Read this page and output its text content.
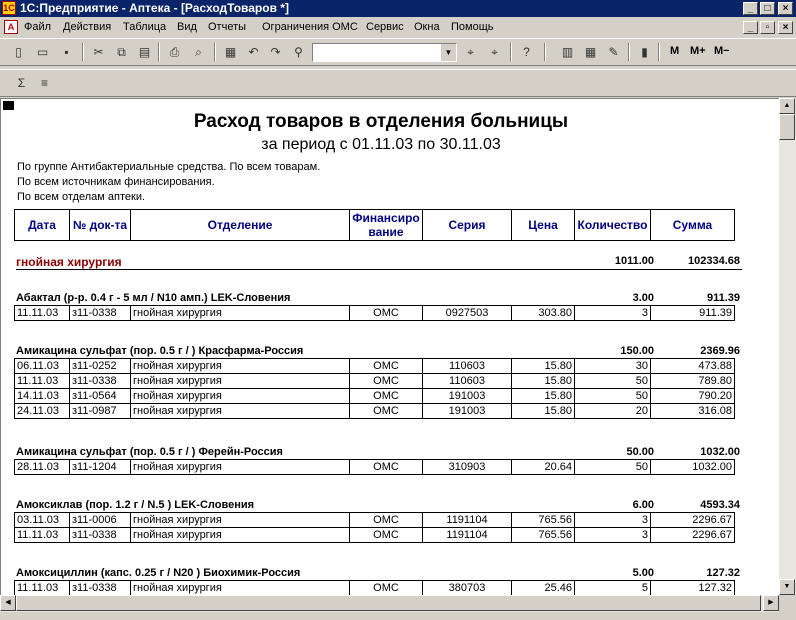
1С 1С:Предприятие - Аптека - [РасходТоваров *]	_	□	×
A Файл Действия Таблица Вид Отчеты Ограничения ОМС Сервис Окна Помощь	_	▫	×
▯	▭	▪	✂	⧉	▤	⎙	⌕	▦ ↶ ↷	⚲	▼	⌖	⌖	?	▥ ▦ ✎	▮	M M+ M−
Σ	≡
Расход товаров в отделения больницы
за период с 01.11.03 по 30.11.03
По группе Антибактериальные средства. По всем товарам.
По всем источникам финансирования.
По всем отделам аптеки.
Дата	№ док-та	Отделение	Финансиро
вание	Серия	Цена	Количество	Сумма
гнойная хирургия	1011.00	102334.68
Абактал (р-р. 0.4 г - 5 мл / N10 амп.) LEK-Словения	3.00	911.39
11.11.03	з11-0338	гнойная хирургия	ОМС	0927503	303.80	3	911.39
Амикацина сульфат (пор. 0.5 г / ) Красфарма-Россия	150.00	2369.96
06.11.03	з11-0252	гнойная хирургия	ОМС	110603	15.80	30	473.88
11.11.03	з11-0338	гнойная хирургия	ОМС	110603	15.80	50	789.80
14.11.03	з11-0564	гнойная хирургия	ОМС	191003	15.80	50	790.20
24.11.03	з11-0987	гнойная хирургия	ОМС	191003	15.80	20	316.08
Амикацина сульфат (пор. 0.5 г / ) Ферейн-Россия	50.00	1032.00
28.11.03	з11-1204	гнойная хирургия	ОМС	310903	20.64	50	1032.00
Амоксиклав (пор. 1.2 г / N.5 ) LEK-Словения	6.00	4593.34
03.11.03	з11-0006	гнойная хирургия	ОМС	1191104	765.56	3	2296.67
11.11.03	з11-0338	гнойная хирургия	ОМС	1191104	765.56	3	2296.67
Амоксициллин (капс. 0.25 г / N20 ) Биохимик-Россия	5.00	127.32
11.11.03	з11-0338	гнойная хирургия	ОМС	380703	25.46	5	127.32
▲
▼
◀	▶
